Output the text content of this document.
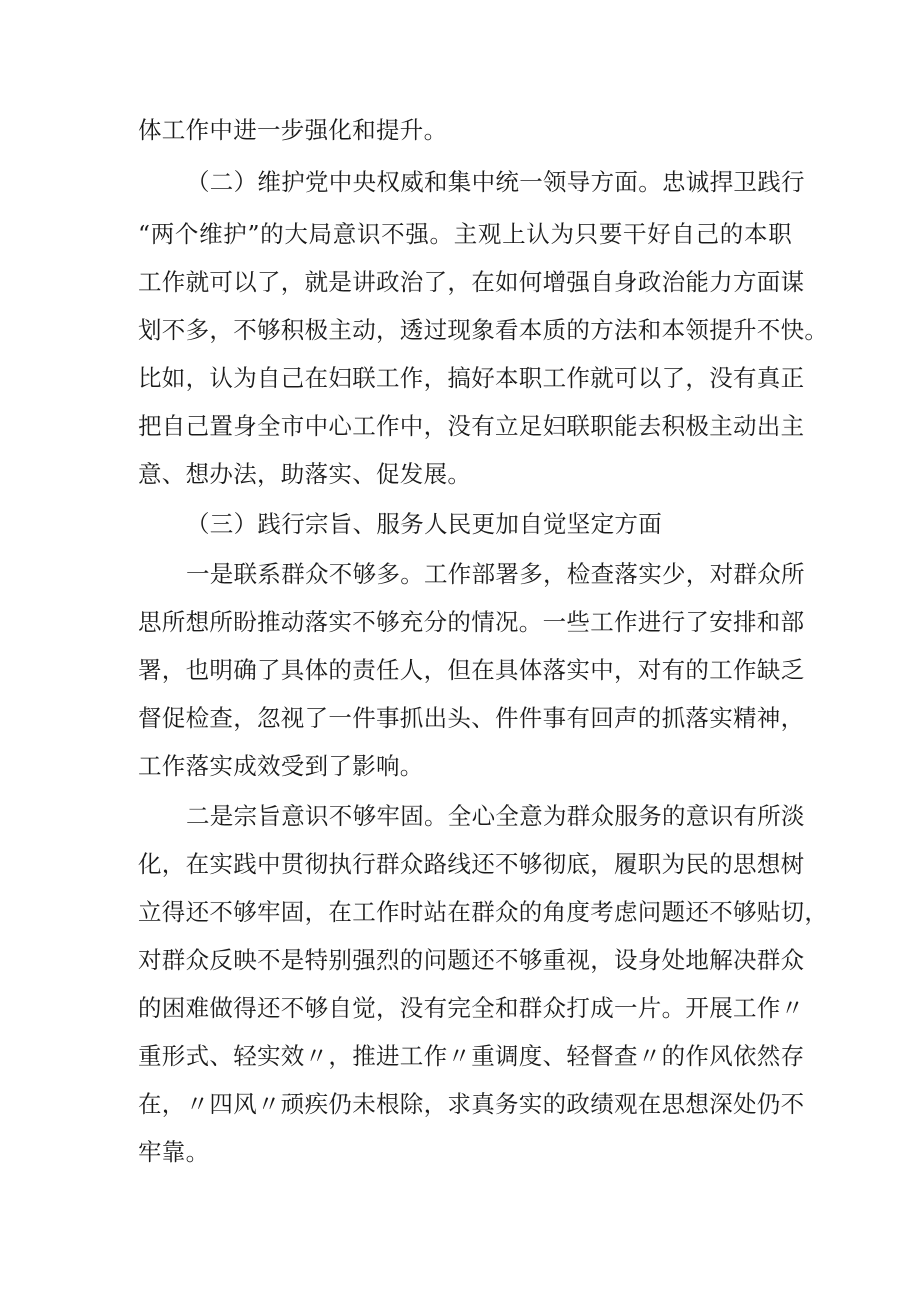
体工作中进一步强化和提升。
（二）维护党中央权威和集中统一领导方面。忠诚捍卫践行
“两个维护”的大局意识不强。主观上认为只要干好自己的本职
工作就可以了，就是讲政治了，在如何增强自身政治能力方面谋
划不多，不够积极主动，透过现象看本质的方法和本领提升不快。
比如，认为自己在妇联工作，搞好本职工作就可以了，没有真正
把自己置身全市中心工作中，没有立足妇联职能去积极主动出主
意、想办法，助落实、促发展。
（三）践行宗旨、服务人民更加自觉坚定方面
一是联系群众不够多。工作部署多，检查落实少，对群众所
思所想所盼推动落实不够充分的情况。一些工作进行了安排和部
署，也明确了具体的责任人，但在具体落实中，对有的工作缺乏
督促检查，忽视了一件事抓出头、件件事有回声的抓落实精神，
工作落实成效受到了影响。
二是宗旨意识不够牢固。全心全意为群众服务的意识有所淡
化，在实践中贯彻执行群众路线还不够彻底，履职为民的思想树
立得还不够牢固，在工作时站在群众的角度考虑问题还不够贴切，
对群众反映不是特别强烈的问题还不够重视，设身处地解决群众
的困难做得还不够自觉，没有完全和群众打成一片。开展工作〃
重形式、轻实效〃，推进工作〃重调度、轻督查〃的作风依然存
在，〃四风〃顽疾仍未根除，求真务实的政绩观在思想深处仍不
牢靠。
